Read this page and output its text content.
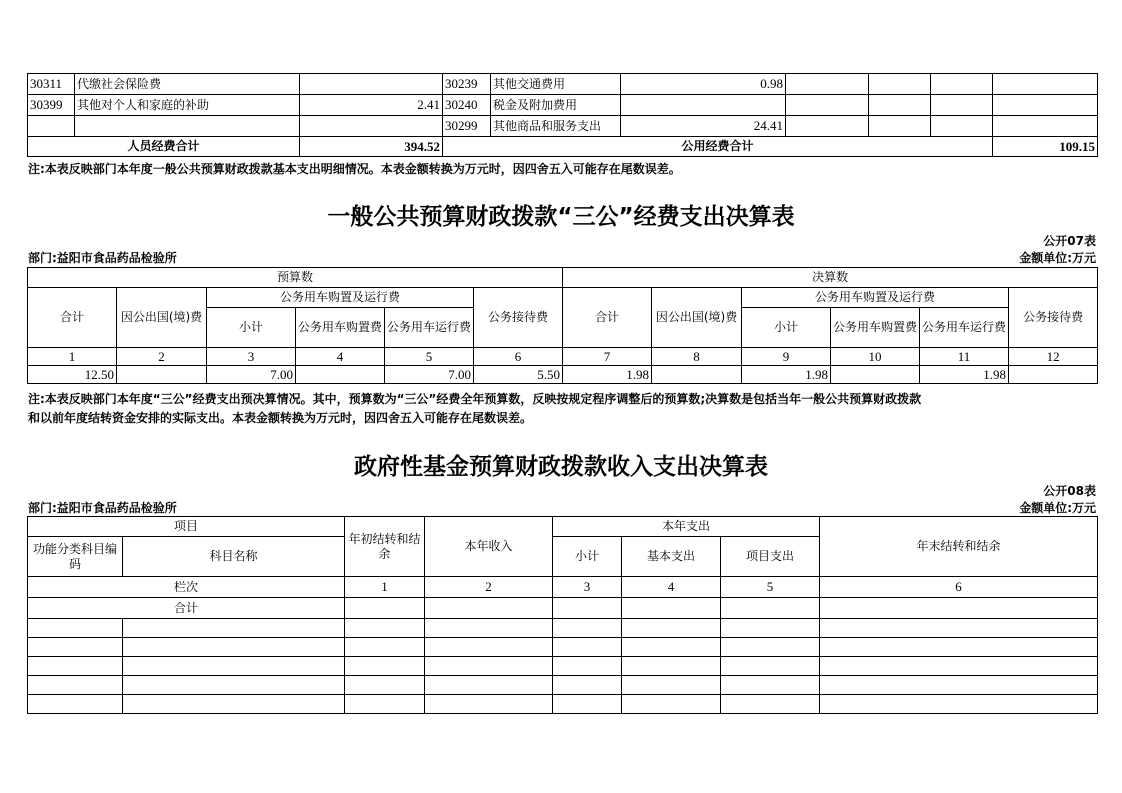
30311	代缴社会保险费		30239	其他交通费用	0.98				
30399	其他对个人和家庭的补助	2.41	30240	税金及附加费用					
			30299	其他商品和服务支出	24.41				
人员经费合计		394.52	公用经费合计						109.15
注:本表反映部门本年度一般公共预算财政拨款基本支出明细情况。本表金额转换为万元时，因四舍五入可能存在尾数误差。
一般公共预算财政拨款“三公”经费支出决算表
公开07表
部门:益阳市食品药品检验所	金额单位:万元
预算数						决算数					
合计	因公出国(境)费	公务用车购置及运行费			公务接待费	合计	因公出国(境)费	公务用车购置及运行费			公务接待费
		小计	公务用车购置费	公务用车运行费				小计	公务用车购置费	公务用车运行费	
1	2	3	4	5	6	7	8	9	10	11	12
12.50		7.00		7.00	5.50	1.98		1.98		1.98	
注:本表反映部门本年度“三公”经费支出预决算情况。其中，预算数为“三公”经费全年预算数，反映按规定程序调整后的预算数;决算数是包括当年一般公共预算财政拨款
和以前年度结转资金安排的实际支出。本表金额转换为万元时，因四舍五入可能存在尾数误差。
政府性基金预算财政拨款收入支出决算表
公开08表
部门:益阳市食品药品检验所	金额单位:万元
项目		年初结转和结余	本年收入	本年支出			年末结转和结余
功能分类科目编码	科目名称			小计	基本支出	项目支出	
栏次		1	2	3	4	5	6
合计							
